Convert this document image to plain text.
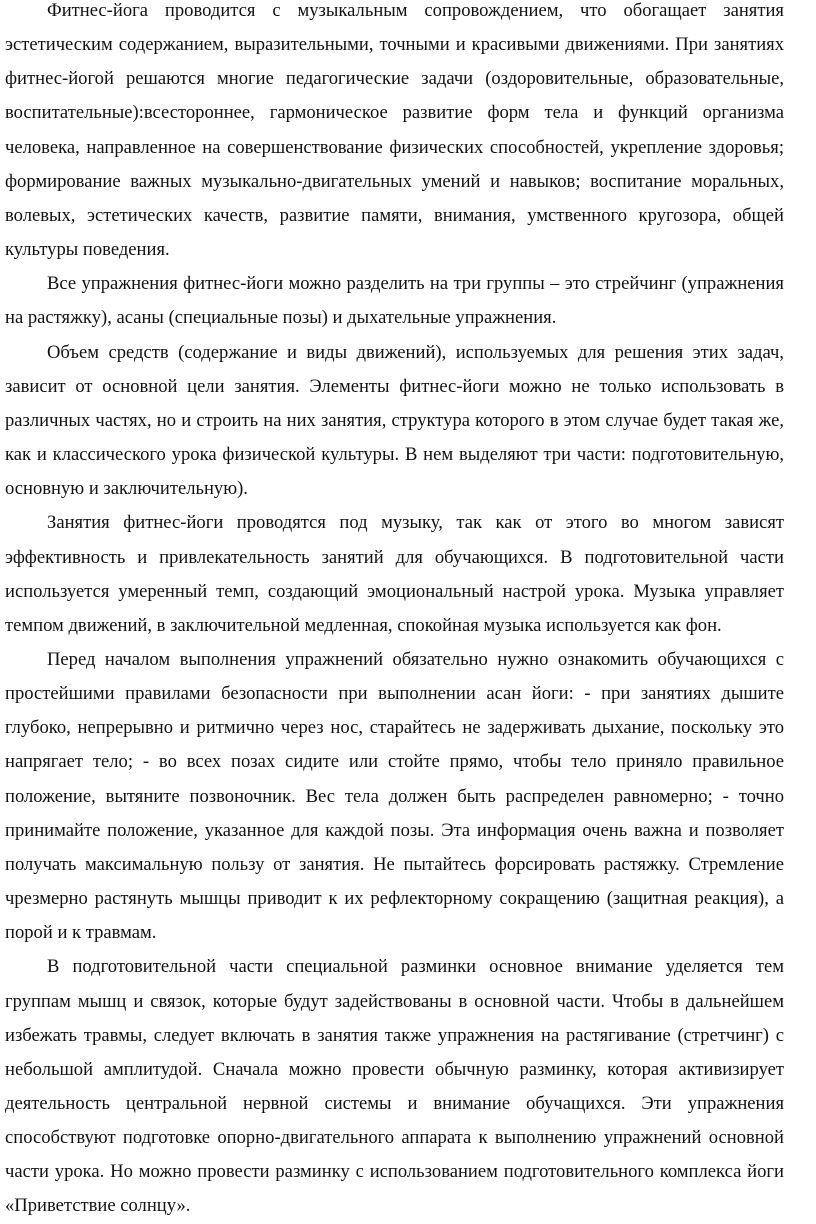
Фитнес-йога проводится с музыкальным сопровождением, что обогащает занятия эстетическим содержанием, выразительными, точными и красивыми движениями. При занятиях фитнес-йогой решаются многие педагогические задачи (оздоровительные, образовательные, воспитательные):всестороннее, гармоническое развитие форм тела и функций организма человека, направленное на совершенствование физических способностей, укрепление здоровья; формирование важных музыкально-двигательных умений и навыков; воспитание моральных, волевых, эстетических качеств, развитие памяти, внимания, умственного кругозора, общей культуры поведения.

Все упражнения фитнес-йоги можно разделить на три группы – это стрейчинг (упражнения на растяжку), асаны (специальные позы) и дыхательные упражнения.

Объем средств (содержание и виды движений), используемых для решения этих задач, зависит от основной цели занятия. Элементы фитнес-йоги можно не только использовать в различных частях, но и строить на них занятия, структура которого в этом случае будет такая же, как и классического урока физической культуры. В нем выделяют три части: подготовительную, основную и заключительную).

Занятия фитнес-йоги проводятся под музыку, так как от этого во многом зависят эффективность и привлекательность занятий для обучающихся. В подготовительной части используется умеренный темп, создающий эмоциональный настрой урока. Музыка управляет темпом движений, в заключительной медленная, спокойная музыка используется как фон.

Перед началом выполнения упражнений обязательно нужно ознакомить обучающихся с простейшими правилами безопасности при выполнении асан йоги: - при занятиях дышите глубоко, непрерывно и ритмично через нос, старайтесь не задерживать дыхание, поскольку это напрягает тело; - во всех позах сидите или стойте прямо, чтобы тело приняло правильное положение, вытяните позвоночник. Вес тела должен быть распределен равномерно; - точно принимайте положение, указанное для каждой позы. Эта информация очень важна и позволяет получать максимальную пользу от занятия. Не пытайтесь форсировать растяжку. Стремление чрезмерно растянуть мышцы приводит к их рефлекторному сокращению (защитная реакция), а порой и к травмам.

В подготовительной части специальной разминки основное внимание уделяется тем группам мышц и связок, которые будут задействованы в основной части. Чтобы в дальнейшем избежать травмы, следует включать в занятия также упражнения на растягивание (стретчинг) с небольшой амплитудой. Сначала можно провести обычную разминку, которая активизирует деятельность центральной нервной системы и внимание обучащихся. Эти упражнения способствуют подготовке опорно-двигательного аппарата к выполнению упражнений основной части урока. Но можно провести разминку с использованием подготовительного комплекса йоги «Приветствие солнцу».
